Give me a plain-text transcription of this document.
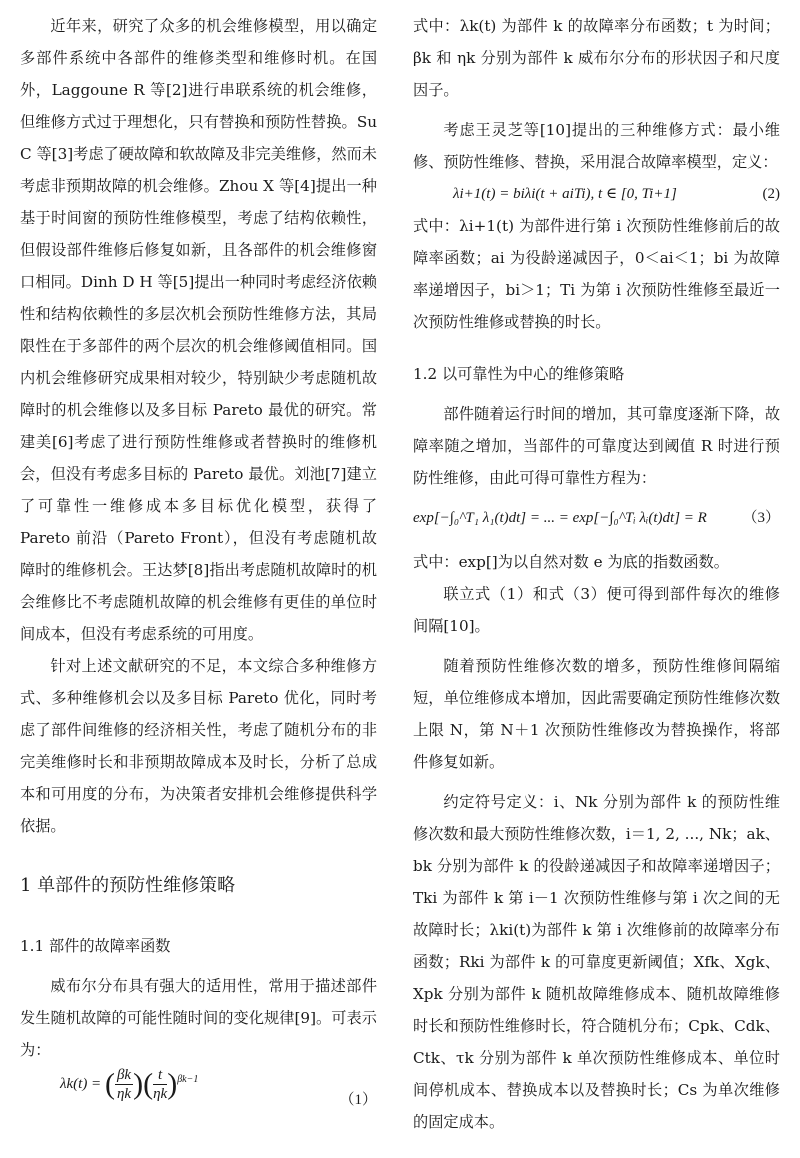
近年来，研究了众多的机会维修模型，用以确定多部件系统中各部件的维修类型和维修时机。在国外，Laggoune R 等[2]进行串联系统的机会维修，但维修方式过于理想化，只有替换和预防性替换。Su C 等[3]考虑了硬故障和软故障及非完美维修，然而未考虑非预期故障的机会维修。Zhou X 等[4]提出一种基于时间窗的预防性维修模型，考虑了结构依赖性，但假设部件维修后修复如新，且各部件的机会维修窗口相同。Dinh D H 等[5]提出一种同时考虑经济依赖性和结构依赖性的多层次机会预防性维修方法，其局限性在于多部件的两个层次的机会维修阈值相同。国内机会维修研究成果相对较少，特别缺少考虑随机故障时的机会维修以及多目标 Pareto 最优的研究。常建美[6]考虑了进行预防性维修或者替换时的维修机会，但没有考虑多目标的 Pareto 最优。刘池[7]建立了可靠性一维修成本多目标优化模型，获得了 Pareto 前沿（Pareto Front），但没有考虑随机故障时的维修机会。王达梦[8]指出考虑随机故障时的机会维修比不考虑随机故障的机会维修有更佳的单位时间成本，但没有考虑系统的可用度。

针对上述文献研究的不足，本文综合多种维修方式、多种维修机会以及多目标 Pareto 优化，同时考虑了部件间维修的经济相关性，考虑了随机分布的非完美维修时长和非预期故障成本及时长，分析了总成本和可用度的分布，为决策者安排机会维修提供科学依据。

1 单部件的预防性维修策略
1.1 部件的故障率函数

威布尔分布具有强大的适用性，常用于描述部件发生随机故障的可能性随时间的变化规律[9]。可表示为：

λk(t) = ( $\frac{\beta k}{\eta k}$ )( $\frac{t}{\eta k} )^{\beta k-1}$
（1）

式中：λk(t) 为部件 k 的故障率分布函数；t 为时间；βk 和 ηk 分别为部件 k 威布尔分布的形状因子和尺度因子。

考虑王灵芝等[10]提出的三种维修方式：最小维修、预防性维修、替换，采用混合故障率模型，定义：

λi+1(t) = biλi(t + aiTi), t ∈ [0, Ti+1]	(2)

式中：λi+1(t) 为部件进行第 i 次预防性维修前后的故障率函数；ai 为役龄递减因子，0＜ai＜1；bi 为故障率递增因子，bi＞1；Ti 为第 i 次预防性维修至最近一次预防性维修或替换的时长。

1.2 以可靠性为中心的维修策略

部件随着运行时间的增加，其可靠度逐渐下降，故障率随之增加，当部件的可靠度达到阈值 R 时进行预防性维修，由此可得可靠性方程为：

exp[−∫₀^T₁ λ₁(t)dt] = ... = exp[−∫₀^Tᵢ λᵢ(t)dt] = R （3）

式中：exp[]为以自然对数 e 为底的指数函数。

联立式（1）和式（3）便可得到部件每次的维修间隔[10]。

随着预防性维修次数的增多，预防性维修间隔缩短，单位维修成本增加，因此需要确定预防性维修次数上限 N，第 N＋1 次预防性维修改为替换操作，将部件修复如新。

约定符号定义：i、Nk 分别为部件 k 的预防性维修次数和最大预防性维修次数，i＝1, 2, ..., Nk；ak、bk 分别为部件 k 的役龄递减因子和故障率递增因子；Tki 为部件 k 第 i－1 次预防性维修与第 i 次之间的无故障时长；λki(t)为部件 k 第 i 次维修前的故障率分布函数；Rki 为部件 k 的可靠度更新阈值；Xfk、Xgk、Xpk 分别为部件 k 随机故障维修成本、随机故障维修时长和预防性维修时长，符合随机分布；Cpk、Cdk、Ctk、τk 分别为部件 k 单次预防性维修成本、单位时间停机成本、替换成本以及替换时长；Cs 为单次维修的固定成本。
